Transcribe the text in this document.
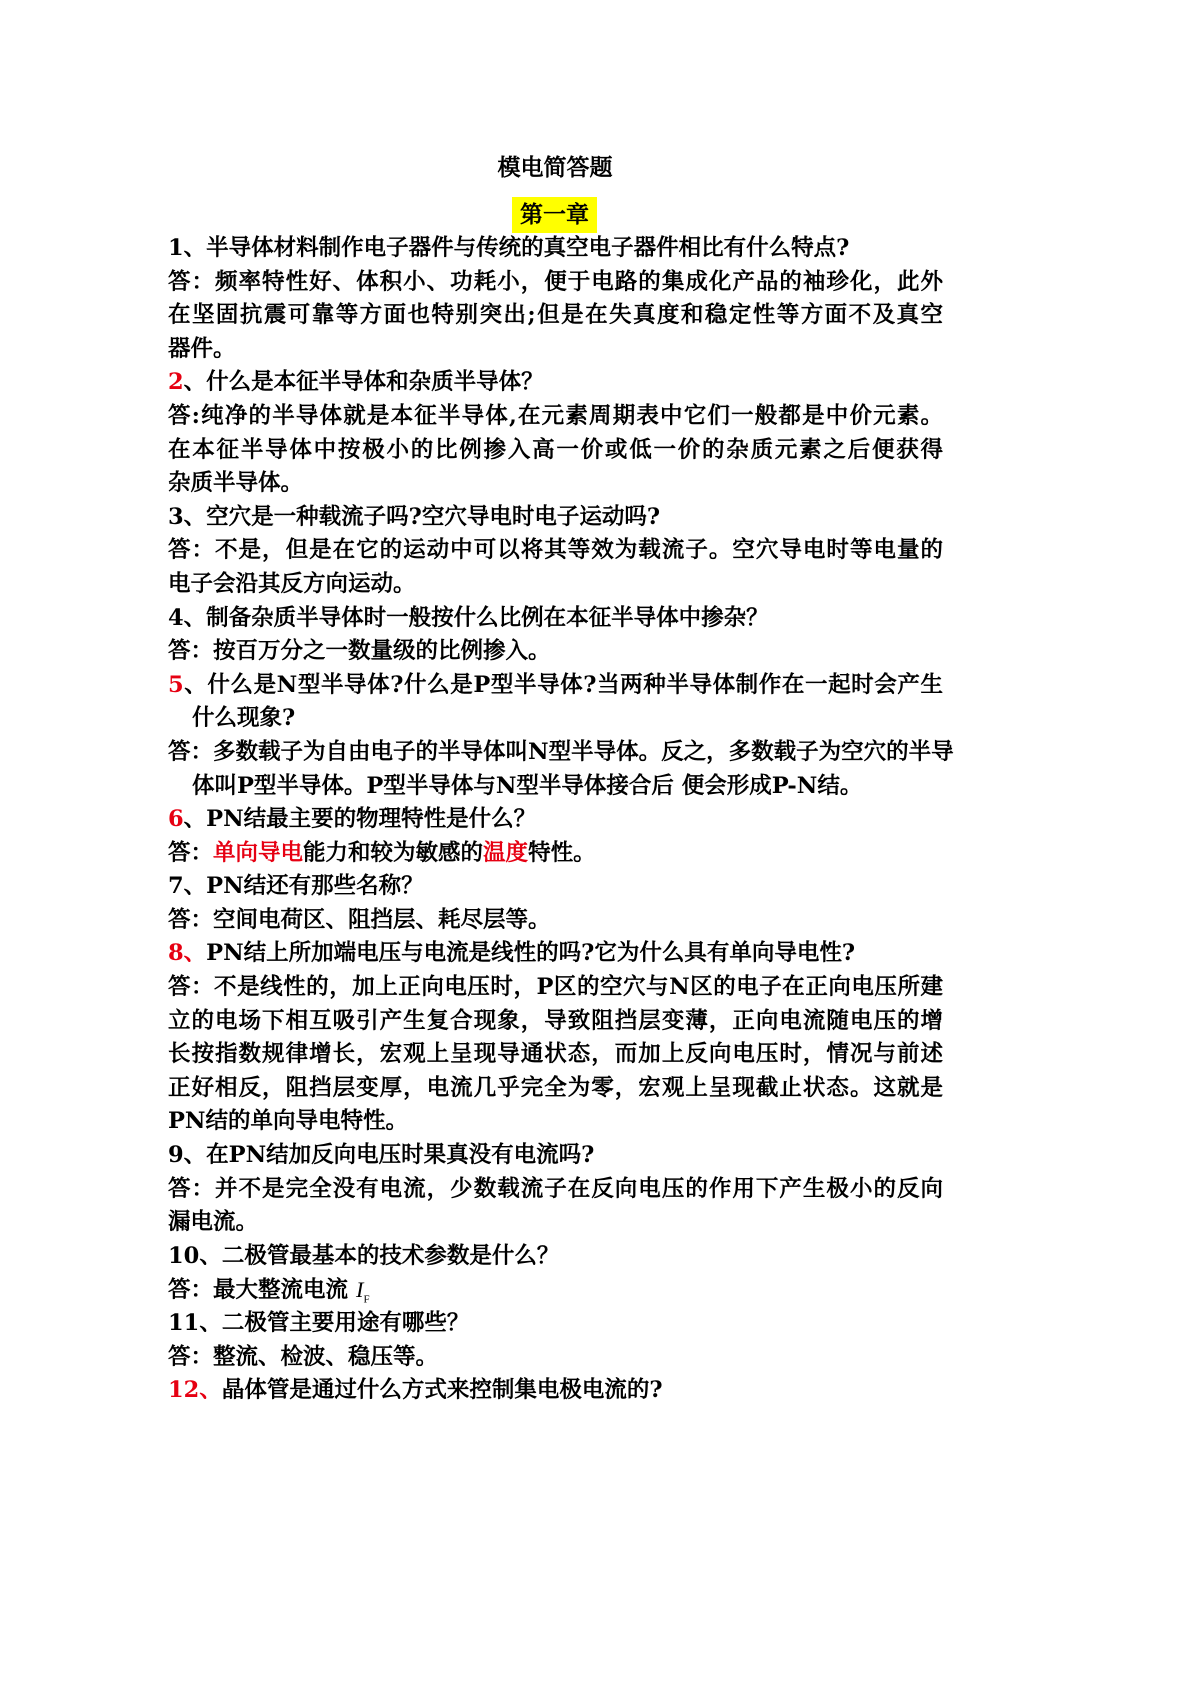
模电简答题
第一章
1、半导体材料制作电子器件与传统的真空电子器件相比有什么特点?
答：频率特性好、体积小、功耗小，便于电路的集成化产品的袖珍化，此外
在坚固抗震可靠等方面也特别突出;但是在失真度和稳定性等方面不及真空
器件。
2、什么是本征半导体和杂质半导体？
答:纯净的半导体就是本征半导体,在元素周期表中它们一般都是中价元素。
在本征半导体中按极小的比例掺入高一价或低一价的杂质元素之后便获得
杂质半导体。
3、空穴是一种载流子吗?空穴导电时电子运动吗?
答：不是，但是在它的运动中可以将其等效为载流子。空穴导电时等电量的
电子会沿其反方向运动。
4、制备杂质半导体时一般按什么比例在本征半导体中掺杂？
答：按百万分之一数量级的比例掺入。
5、什么是N型半导体?什么是P型半导体?当两种半导体制作在一起时会产生
什么现象?
答：多数载子为自由电子的半导体叫N型半导体。反之，多数载子为空穴的半导
体叫P型半导体。P型半导体与N型半导体接合后 便会形成P-N结。
6、PN结最主要的物理特性是什么？
答：单向导电能力和较为敏感的温度特性。
7、PN结还有那些名称？
答：空间电荷区、阻挡层、耗尽层等。
8、PN结上所加端电压与电流是线性的吗?它为什么具有单向导电性?
答：不是线性的，加上正向电压时，P区的空穴与N区的电子在正向电压所建
立的电场下相互吸引产生复合现象，导致阻挡层变薄，正向电流随电压的增
长按指数规律增长，宏观上呈现导通状态，而加上反向电压时，情况与前述
正好相反，阻挡层变厚，电流几乎完全为零，宏观上呈现截止状态。这就是
PN结的单向导电特性。
9、在PN结加反向电压时果真没有电流吗?
答：并不是完全没有电流，少数载流子在反向电压的作用下产生极小的反向
漏电流。
10、二极管最基本的技术参数是什么？
答：最大整流电流 $I_F$
11、二极管主要用途有哪些？
答：整流、检波、稳压等。
12、晶体管是通过什么方式来控制集电极电流的?
